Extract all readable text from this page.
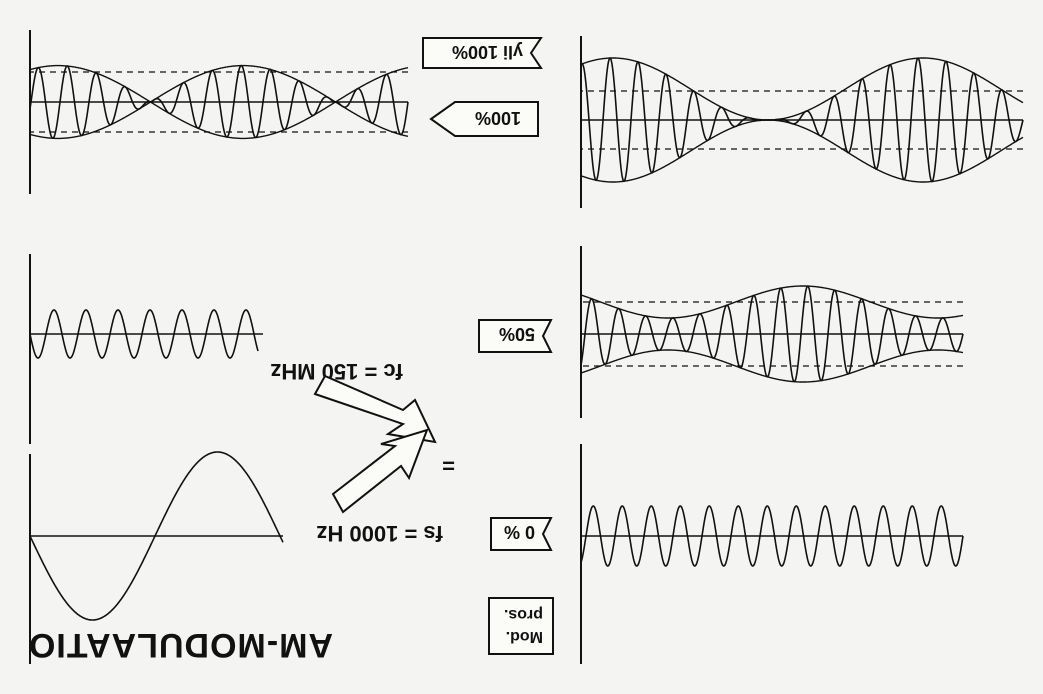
AM-MODULAATIO
fc = 150 MHz
fs = 1000 Hz
=
0 %
50%
100%
yli 100%
Mod.
pros.
